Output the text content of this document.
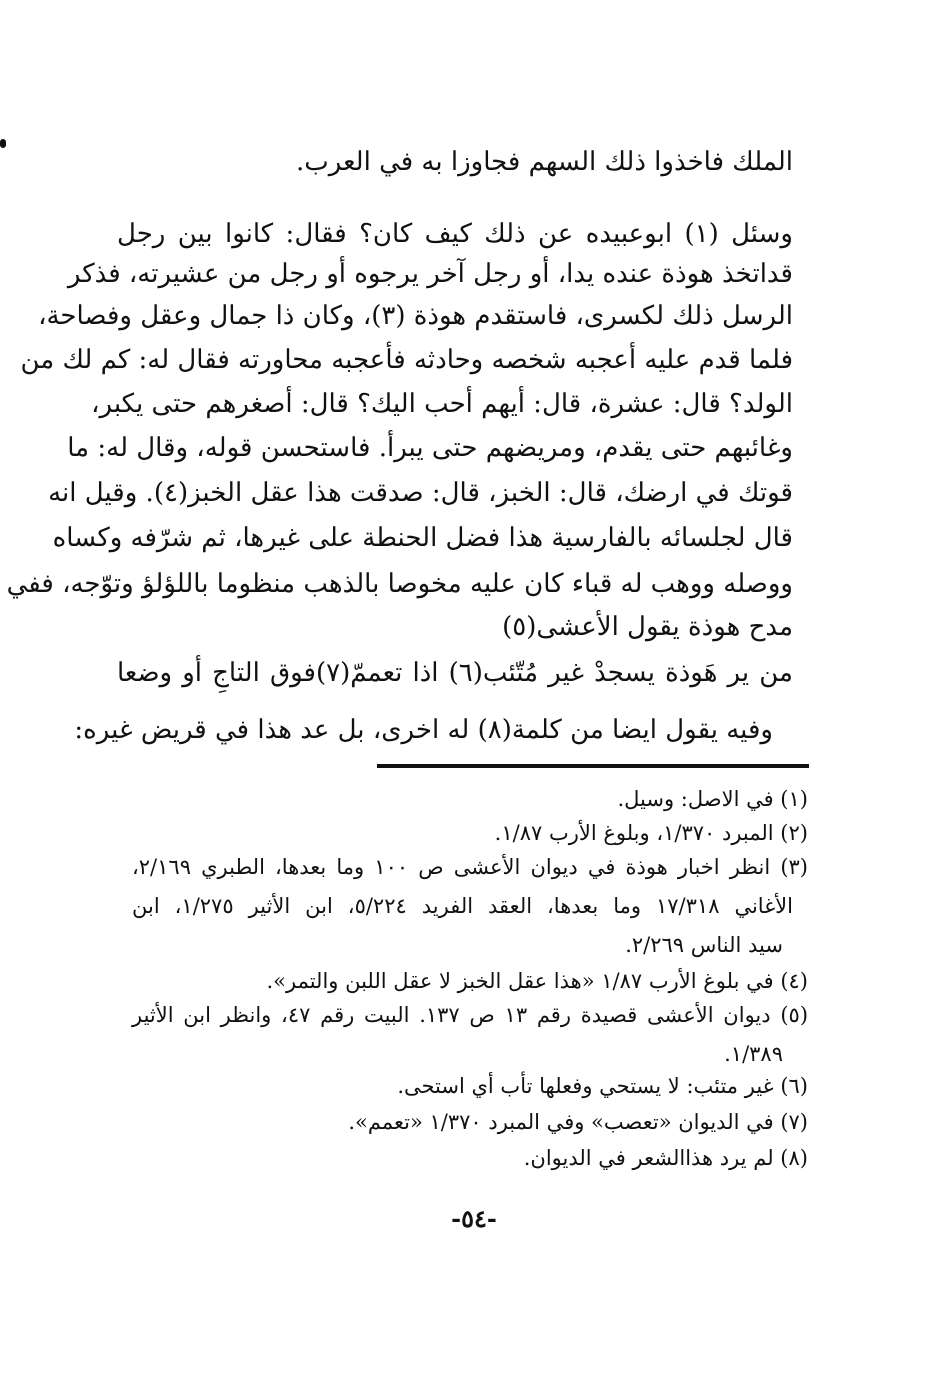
الملك فاخذوا ذلك السهم فجاوزا به في العرب.
وسئل (١) ابوعبيده عن ذلك كيف كان؟ فقال: كانوا بين رجل
قداتخذ هوذة عنده يدا، أو رجل آخر يرجوه أو رجل من عشيرته، فذكر
الرسل ذلك لكسرى، فاستقدم هوذة (٣)، وكان ذا جمال وعقل وفصاحة،
فلما قدم عليه أعجبه شخصه وحادثه فأعجبه محاورته فقال له: كم لك من
الولد؟ قال: عشرة، قال: أيهم أحب اليك؟ قال: أصغرهم حتى يكبر،
وغائبهم حتى يقدم، ومريضهم حتى يبرأ. فاستحسن قوله، وقال له: ما
قوتك في ارضك، قال: الخبز، قال: صدقت هذا عقل الخبز(٤). وقيل انه
قال لجلسائه بالفارسية هذا فضل الحنطة على غيرها، ثم شرّفه وكساه
ووصله ووهب له قباء كان عليه مخوصا بالذهب منظوما باللؤلؤ وتوّجه، ففي
مدح هوذة يقول الأعشى(٥)
من ير هَوذة يسجدْ غير مُتّئب(٦) اذا تعممّ(٧)فوق التاجِ أو وضعا
وفيه يقول ايضا من كلمة(٨) له اخرى، بل عد هذا في قريض غيره:
(١) في الاصل: وسيل.
(٢) المبرد ١/٣٧٠، وبلوغ الأرب ١/٨٧.
(٣) انظر اخبار هوذة في ديوان الأعشى ص ١٠٠ وما بعدها، الطبري ٢/١٦٩،
الأغاني ١٧/٣١٨ وما بعدها، العقد الفريد ٥/٢٢٤، ابن الأثير ١/٢٧٥، ابن
سيد الناس ٢/٢٦٩.
(٤) في بلوغ الأرب ١/٨٧ «هذا عقل الخبز لا عقل اللبن والتمر».
(٥) ديوان الأعشى قصيدة رقم ١٣ ص ١٣٧. البيت رقم ٤٧، وانظر ابن الأثير
١/٣٨٩.
(٦) غير متئب: لا يستحي وفعلها تأب أي استحى.
(٧) في الديوان «تعصب» وفي المبرد ١/٣٧٠ «تعمم».
(٨) لم يرد هذاالشعر في الديوان.
-٥٤-
